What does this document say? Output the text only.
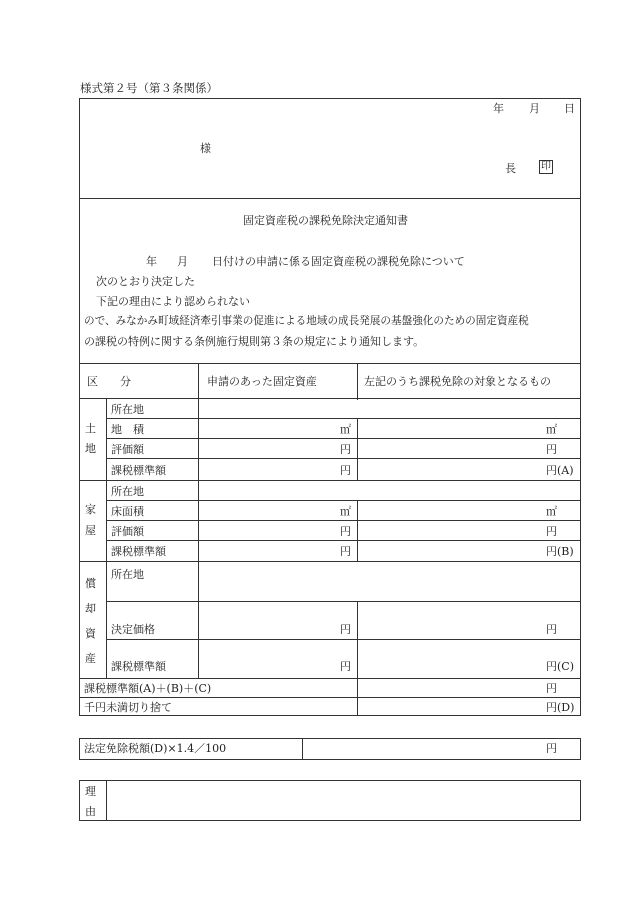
様式第２号（第３条関係）
年 月 日
様
長	印
固定資産税の課税免除決定通知書
年 月 日付けの申請に係る固定資産税の課税免除について
次のとおり決定した
下記の理由により認められない
ので、みなかみ町域経済牽引事業の促進による地域の成長発展の基盤強化のための固定資産税
の課税の特例に関する条例施行規則第３条の規定により通知します。
区　　分	申請のあった固定資産	左記のうち課税免除の対象となるもの
土
地
所在地
地　積	㎡	㎡
評価額	円	円
課税標準額	円	円(A)
家
屋
所在地
床面積	㎡	㎡
評価額	円	円
課税標準額	円	円(B)
償
却
資
産
所在地
決定価格	円	円
課税標準額	円	円(C)
課税標準額(A)＋(B)＋(C)	円
千円未満切り捨て	円(D)
法定免除税額(D)×1.4／100	円
理
由
